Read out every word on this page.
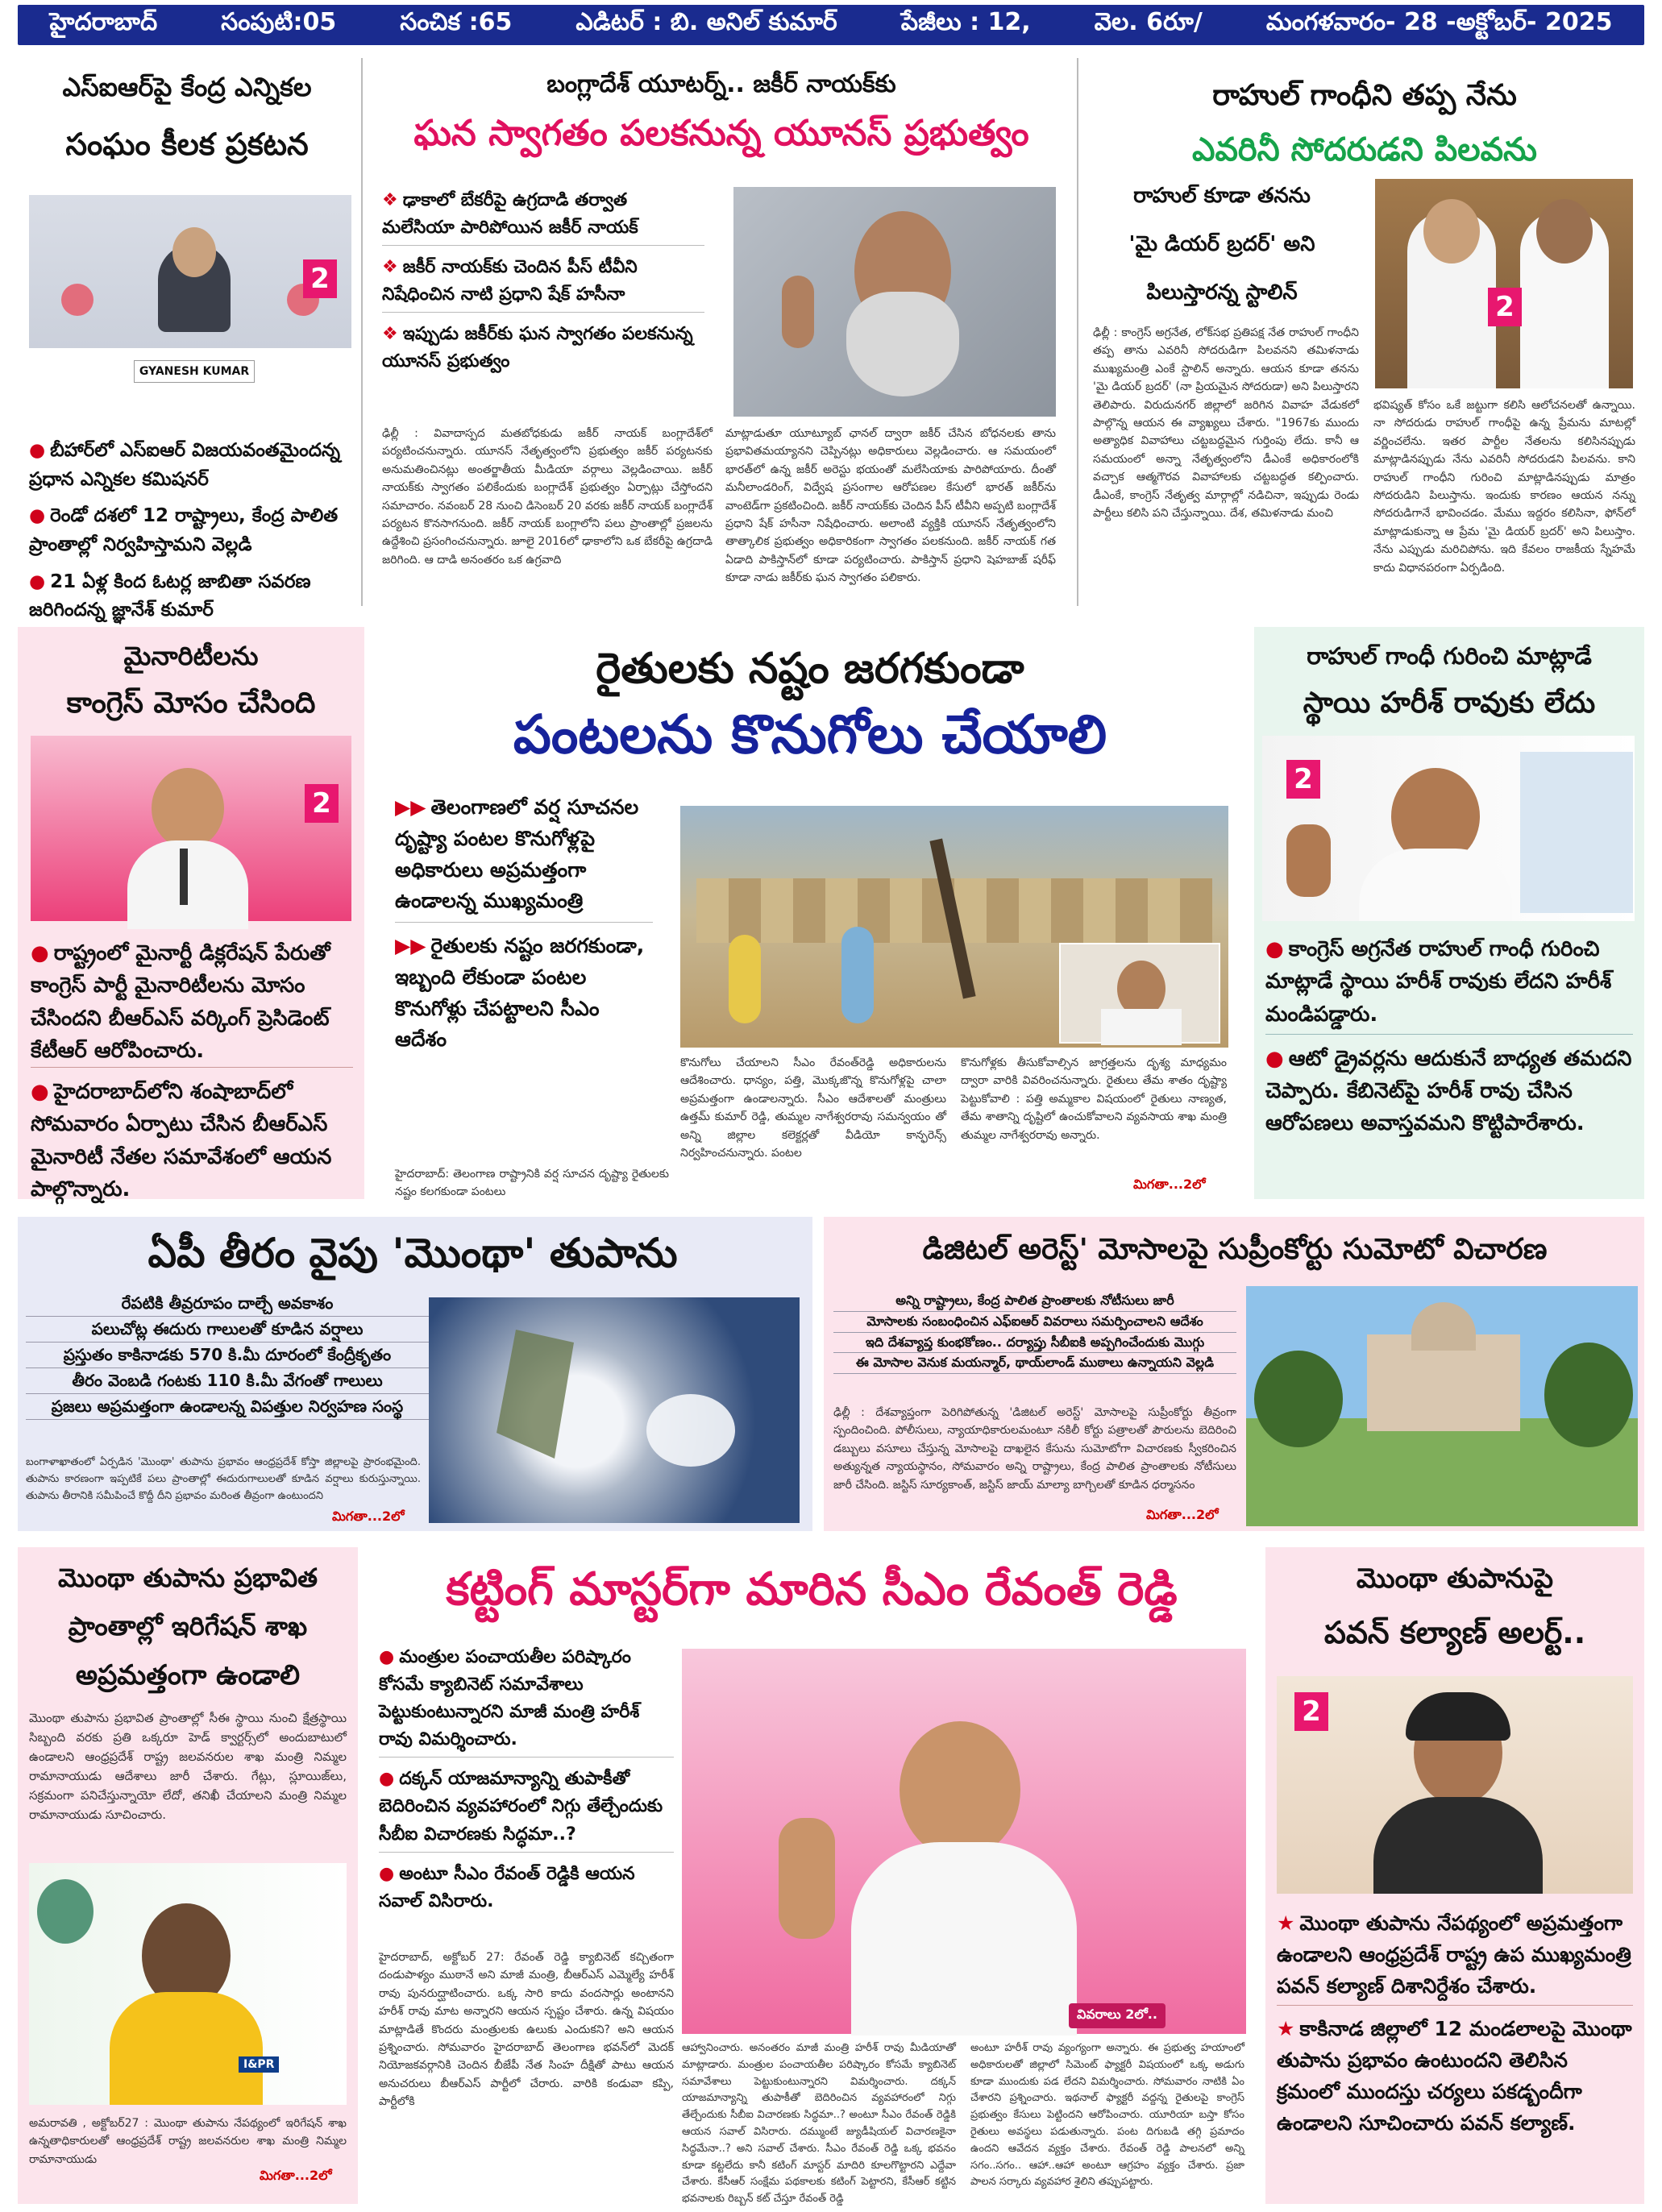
హైదరాబాద్	సంపుటి:05	సంచిక :65	ఎడిటర్ : బి. అనిల్ కుమార్	పేజీలు : 12,	వెల. 6రూ/	మంగళవారం- 28 -అక్టోబర్- 2025
ఎస్ఐఆర్‌పై కేంద్ర ఎన్నికల
సంఘం కీలక ప్రకటన
GYANESH KUMAR
2
● బీహార్‌లో ఎస్ఐఆర్ విజయవంతమైందన్న ప్రధాన ఎన్నికల కమిషనర్
● రెండో దశలో 12 రాష్ట్రాలు, కేంద్ర పాలిత ప్రాంతాల్లో నిర్వహిస్తామని వెల్లడి
● 21 ఏళ్ల కింద ఓటర్ల జాబితా సవరణ జరిగిందన్న జ్ఞానేశ్ కుమార్
బంగ్లాదేశ్ యూటర్న్.. జకీర్ నాయక్‌కు
ఘన స్వాగతం పలకనున్న యూనస్ ప్రభుత్వం
❖ ఢాకాలో బేకరీపై ఉగ్రదాడి తర్వాత మలేసియా పారిపోయిన జకీర్ నాయక్
❖ జకీర్ నాయక్‌కు చెందిన పీస్ టీవీని నిషేధించిన నాటి ప్రధాని షేక్ హసీనా
❖ ఇప్పుడు జకీర్‌కు ఘన స్వాగతం పలకనున్న యూనస్ ప్రభుత్వం
ఢిల్లీ : వివాదాస్పద మతబోధకుడు జకీర్ నాయక్ బంగ్లాదేశ్‌లో పర్యటించనున్నారు. యూనస్ నేతృత్వంలోని ప్రభుత్వం జకీర్ పర్యటనకు అనుమతించినట్లు అంతర్జాతీయ మీడియా వర్గాలు వెల్లడించాయి. జకీర్ నాయక్‌కు స్వాగతం పలికేందుకు బంగ్లాదేశ్ ప్రభుత్వం ఏర్పాట్లు చేస్తోందని సమాచారం. నవంబర్ 28 నుంచి డిసెంబర్ 20 వరకు జకీర్ నాయక్ బంగ్లాదేశ్ పర్యటన కొనసాగనుంది. జకీర్ నాయక్ బంగ్లాలోని పలు ప్రాంతాల్లో ప్రజలను ఉద్దేశించి ప్రసంగించనున్నారు. జూలై 2016లో ఢాకాలోని ఒక బేకరీపై ఉగ్రదాడి జరిగింది. ఆ దాడి అనంతరం ఒక ఉగ్రవాది
మాట్లాడుతూ యూట్యూబ్ ఛానల్ ద్వారా జకీర్ చేసిన బోధనలకు తాను ప్రభావితమయ్యానని చెప్పినట్లు అధికారులు వెల్లడించారు. ఆ సమయంలో భారత్‌లో ఉన్న జకీర్ అరెస్టు భయంతో మలేసియాకు పారిపోయారు. దీంతో మనీలాండరింగ్, విద్వేష ప్రసంగాల ఆరోపణల కేసులో భారత్ జకీర్‌ను వాంటెడ్‌గా ప్రకటించింది. జకీర్ నాయక్‌కు చెందిన పీస్ టీవీని అప్పటి బంగ్లాదేశ్ ప్రధాని షేక్ హసీనా నిషేధించారు. అలాంటి వ్యక్తికి యూనస్ నేతృత్వంలోని తాత్కాలిక ప్రభుత్వం అధికారికంగా స్వాగతం పలకనుంది. జకీర్ నాయక్ గత ఏడాది పాకిస్తాన్‌లో కూడా పర్యటించారు. పాకిస్తాన్ ప్రధాని షెహబాజ్ షరీఫ్ కూడా నాడు జకీర్‌కు ఘన స్వాగతం పలికారు.
రాహుల్ గాంధీని తప్ప నేను
ఎవరినీ సోదరుడని పిలవను
రాహుల్ కూడా తనను
'మై డియర్ బ్రదర్' అని
పిలుస్తారన్న స్టాలిన్	2
ఢిల్లీ : కాంగ్రెస్ అగ్రనేత, లోక్‌సభ ప్రతిపక్ష నేత రాహుల్ గాంధీని తప్ప తాను ఎవరినీ సోదరుడిగా పిలవనని తమిళనాడు ముఖ్యమంత్రి ఎంకే స్టాలిన్ అన్నారు. ఆయన కూడా తనను 'మై డియర్ బ్రదర్' (నా ప్రియమైన సోదరుడా) అని పిలుస్తారని తెలిపారు. విరుదునగర్ జిల్లాలో జరిగిన వివాహ వేడుకలో పాల్గొన్న ఆయన ఈ వ్యాఖ్యలు చేశారు. "1967కు ముందు అత్యాధిక వివాహాలు చట్టబద్ధమైన గుర్తింపు లేదు. కానీ ఆ సమయంలో అన్నా నేతృత్వంలోని డీఎంకే అధికారంలోకి వచ్చాక ఆత్మగౌరవ వివాహాలకు చట్టబద్ధత కల్పించారు. డీఎంకే, కాంగ్రెస్ నేతృత్వ మార్గాల్లో నడిచినా, ఇప్పుడు రెండు పార్టీలు కలిసి పని చేస్తున్నాయి. దేశ, తమిళనాడు మంచి
భవిష్యత్ కోసం ఒకే జట్టుగా కలిసి ఆలోచనలతో ఉన్నాయి. నా సోదరుడు రాహుల్ గాంధీపై ఉన్న ప్రేమను మాటల్లో వర్ణించలేను. ఇతర పార్టీల నేతలను కలిసినప్పుడు మాట్లాడినప్పుడు నేను ఎవరినీ సోదరుడని పిలవను. కాని రాహుల్ గాంధీని గురించి మాట్లాడినప్పుడు మాత్రం సోదరుడిని పిలుస్తాను. ఇందుకు కారణం ఆయన నన్ను సోదరుడిగానే భావించడం. మేము ఇద్దరం కలిసినా, ఫోన్‌లో మాట్లాడుకున్నా ఆ ప్రేమ 'మై డియర్ బ్రదర్' అని పిలుస్తాం. నేను ఎప్పుడు మరిచిపోను. ఇది కేవలం రాజకీయ స్నేహమే కాదు విధానపరంగా ఏర్పడింది.
మైనారిటీలను
కాంగ్రెస్ మోసం చేసింది
2
● రాష్ట్రంలో మైనార్టీ డిక్లరేషన్ పేరుతో కాంగ్రెస్ పార్టీ మైనారిటీలను మోసం చేసిందని బీఆర్ఎస్ వర్కింగ్ ప్రెసిడెంట్ కేటీఆర్ ఆరోపించారు.
● హైదరాబాద్‌లోని శంషాబాద్‌లో సోమవారం ఏర్పాటు చేసిన బీఆర్ఎస్ మైనారిటీ నేతల సమావేశంలో ఆయన పాల్గొన్నారు.
రైతులకు నష్టం జరగకుండా
పంటలను కొనుగోలు చేయాలి
▶▶ తెలంగాణలో వర్ష సూచనల దృష్ట్యా పంటల కొనుగోళ్లపై అధికారులు అప్రమత్తంగా ఉండాలన్న ముఖ్యమంత్రి
▶▶ రైతులకు నష్టం జరగకుండా, ఇబ్బంది లేకుండా పంటల కొనుగోళ్లు చేపట్టాలని సీఎం ఆదేశం
హైదరాబాద్: తెలంగాణ రాష్ట్రానికి వర్ష సూచన దృష్ట్యా రైతులకు నష్టం కలగకుండా పంటలు
కొనుగోలు చేయాలని సీఎం రేవంత్‌రెడ్డి అధికారులను ఆదేశించారు. ధాన్యం, పత్తి, మొక్కజొన్న కొనుగోళ్లపై చాలా అప్రమత్తంగా ఉండాలన్నారు. సీఎం ఆదేశాలతో మంత్రులు ఉత్తమ్ కుమార్ రెడ్డి, తుమ్మల నాగేశ్వరరావు సమన్వయం తో అన్ని జిల్లాల కలెక్టర్లతో వీడియో కాన్ఫరెన్స్ నిర్వహించనున్నారు. పంటల
కొనుగోళ్లకు తీసుకోవాల్సిన జాగ్రత్తలను దృశ్య మాధ్యమం ద్వారా వారికి వివరించనున్నారు. రైతులు తేమ శాతం దృష్ట్యా పెట్టుకోవాలి : పత్తి అమ్మకాల విషయంలో రైతులు నాణ్యత, తేమ శాతాన్ని దృష్టిలో ఉంచుకోవాలని వ్యవసాయ శాఖ మంత్రి తుమ్మల నాగేశ్వరరావు అన్నారు.
మిగతా...2లో
రాహుల్ గాంధీ గురించి మాట్లాడే
స్థాయి హరీశ్ రావుకు లేదు
2
● కాంగ్రెస్ అగ్రనేత రాహుల్ గాంధీ గురించి మాట్లాడే స్థాయి హరీశ్ రావుకు లేదని హరీశ్ మండిపడ్డారు.
● ఆటో డ్రైవర్లను ఆదుకునే బాధ్యత తమదని చెప్పారు. కేబినెట్‌పై హరీశ్ రావు చేసిన ఆరోపణలు అవాస్తవమని కొట్టిపారేశారు.
ఏపీ తీరం వైపు 'మొంథా' తుపాను

రేపటికి తీవ్రరూపం దాల్చే అవకాశం

పలుచోట్ల ఈదురు గాలులతో కూడిన వర్షాలు

ప్రస్తుతం కాకినాడకు 570 కి.మీ దూరంలో కేంద్రీకృతం

తీరం వెంబడి గంటకు 110 కి.మీ వేగంతో గాలులు

ప్రజలు అప్రమత్తంగా ఉండాలన్న విపత్తుల నిర్వహణ సంస్థ

బంగాళాఖాతంలో ఏర్పడిన 'మొంథా' తుపాను ప్రభావం ఆంధ్రప్రదేశ్ కోస్తా జిల్లాలపై ప్రారంభమైంది. తుపాను కారణంగా ఇప్పటికే పలు ప్రాంతాల్లో ఈదురుగాలులతో కూడిన వర్షాలు కురుస్తున్నాయి. తుపాను తీరానికి సమీపించే కొద్దీ దీని ప్రభావం మరింత తీవ్రంగా ఉంటుందని
మిగతా...2లో
డిజిటల్ అరెస్ట్' మోసాలపై సుప్రీంకోర్టు సుమోటో విచారణ

అన్ని రాష్ట్రాలు, కేంద్ర పాలిత ప్రాంతాలకు నోటీసులు జారీ

మోసాలకు సంబంధించిన ఎఫ్ఐఆర్ వివరాలు సమర్పించాలని ఆదేశం

ఇది దేశవ్యాప్త కుంభకోణం.. దర్యాప్తు సీబీఐకి అప్పగించేందుకు మొగ్గు

ఈ మోసాల వెనుక మయన్మార్, థాయ్‌లాండ్ ముఠాలు ఉన్నాయని వెల్లడి

ఢిల్లీ : దేశవ్యాప్తంగా పెరిగిపోతున్న 'డిజిటల్ అరెస్ట్' మోసాలపై సుప్రీంకోర్టు తీవ్రంగా స్పందించింది. పోలీసులు, న్యాయాధికారులమంటూ నకిలీ కోర్టు పత్రాలతో పౌరులను బెదిరించి డబ్బులు వసూలు చేస్తున్న మోసాలపై దాఖలైన కేసును సుమోటోగా విచారణకు స్వీకరించిన అత్యున్నత న్యాయస్థానం, సోమవారం అన్ని రాష్ట్రాలు, కేంద్ర పాలిత ప్రాంతాలకు నోటీసులు జారీ చేసింది. జస్టిస్ సూర్యకాంత్, జస్టిస్ జాయ్ మాల్యా బాగ్చిలతో కూడిన ధర్మాసనం
మిగతా...2లో
మొంథా తుపాను ప్రభావిత
ప్రాంతాల్లో ఇరిగేషన్ శాఖ
అప్రమత్తంగా ఉండాలి
మొంథా తుపాను ప్రభావిత ప్రాంతాల్లో సీఈ స్థాయి నుంచి క్షేత్రస్థాయి సిబ్బంది వరకు ప్రతి ఒక్కరూ హెడ్ క్వార్టర్స్‌లో అందుబాటులో ఉండాలని ఆంధ్రప్రదేశ్ రాష్ట్ర జలవనరుల శాఖ మంత్రి నిమ్మల రామానాయుడు ఆదేశాలు జారీ చేశారు. గేట్లు, స్లూయిజ్‌లు, సక్రమంగా పనిచేస్తున్నాయో లేదో, తనిఖీ చేయాలని మంత్రి నిమ్మల రామానాయుడు సూచించారు.
I&PR
అమరావతి , అక్టోబర్27 : మొంథా తుపాను నేపథ్యంలో ఇరిగేషన్ శాఖ ఉన్నతాధికారులతో ఆంధ్రప్రదేశ్ రాష్ట్ర జలవనరుల శాఖ మంత్రి నిమ్మల రామానాయుడు
మిగతా...2లో
కట్టింగ్ మాస్టర్‌గా మారిన సీఎం రేవంత్ రెడ్డి
● మంత్రుల పంచాయతీల పరిష్కారం కోసమే క్యాబినెట్ సమావేశాలు పెట్టుకుంటున్నారని మాజీ మంత్రి హరీశ్ రావు విమర్శించారు.
● దక్కన్ యాజమాన్యాన్ని తుపాకీతో బెదిరించిన వ్యవహారంలో నిగ్గు తేల్చేందుకు సీబీఐ విచారణకు సిద్ధమా..?
● అంటూ సీఎం రేవంత్ రెడ్డికి ఆయన సవాల్ విసిరారు.
వివరాలు 2లో..
హైదరాబాద్, అక్టోబర్ 27: రేవంత్ రెడ్డి క్యాబినెట్ కచ్చితంగా దండుపాళ్యం ముఠానే అని మాజీ మంత్రి, బీఆర్ఎస్ ఎమ్మెల్యే హరీశ్ రావు పునరుద్ఘాటించారు. ఒక్క సారి కాదు వందసార్లు అంటానని హరీశ్ రావు మాట అన్నారని ఆయన స్పష్టం చేశారు. ఉన్న విషయం మాట్లాడితే కొందరు మంత్రులకు ఉలుకు ఎందుకని? అని ఆయన ప్రశ్నించారు. సోమవారం హైదరాబాద్ తెలంగాణ భవన్‌లో మెదక్ నియోజకవర్గానికి చెందిన బీజేపీ నేత సింహ దీక్షితో పాటు ఆయన అనుచరులు బీఆర్ఎస్ పార్టీలో చేరారు. వారికి కండువా కప్పి, పార్టీలోకి
ఆహ్వానించారు. అనంతరం మాజీ మంత్రి హరీశ్ రావు మీడియాతో మాట్లాడారు. మంత్రుల పంచాయతీల పరిష్కారం కోసమే క్యాబినెట్ సమావేశాలు పెట్టుకుంటున్నారని విమర్శించారు. దక్కన్ యాజమాన్యాన్ని తుపాకీతో బెదిరించిన వ్యవహారంలో నిగ్గు తేల్చేందుకు సీబీఐ విచారణకు సిద్ధమా..? అంటూ సీఎం రేవంత్ రెడ్డికి ఆయన సవాల్ విసిరారు. దమ్ముంటే జ్యుడీషియల్ విచారణకైనా సిద్ధమేనా..? అని సవాల్ చేశారు. సీఎం రేవంత్ రెడ్డి ఒక్క భవనం కూడా కట్టలేదు కానీ కటింగ్ మాస్టర్ మాదిరి కూలగొట్టారని ఎద్దేవా చేశారు. కేసీఆర్ సంక్షేమ పథకాలకు కటింగ్ పెట్టారని, కేసీఆర్ కట్టిన భవనాలకు రిబ్బన్ కట్ చేస్తూ రేవంత్ రెడ్డి
అంటూ హరీశ్ రావు వ్యంగ్యంగా అన్నారు. ఈ ప్రభుత్వ హయాంలో అధికారులతో జిల్లాలో సిమెంట్ ఫ్యాక్టరీ విషయంలో ఒక్క అడుగు కూడా ముందుకు పడ లేదని విమర్శించారు. సోమవారం నాటికి ఏం చేశారని ప్రశ్నించారు. ఇథనాల్ ఫ్యాక్టరీ వద్దన్న రైతులపై కాంగ్రెస్ ప్రభుత్వం కేసులు పెట్టిందని ఆరోపించారు. యూరియా బస్తా కోసం రైతులు అవస్థలు పడుతున్నారు. పంట దిగుబడి తగ్గి ప్రమాదం ఉందని ఆవేదన వ్యక్తం చేశారు. రేవంత్ రెడ్డి పాలనలో అన్ని సగం..సగం.. ఆహా..ఆహా అంటూ ఆగ్రహం వ్యక్తం చేశారు. ప్రజా పాలన సర్కారు వ్యవహార శైలిని తప్పుపట్టారు.
మొంథా తుపానుపై
పవన్ కల్యాణ్ అలర్ట్..
2
★ మొంథా తుపాను నేపథ్యంలో అప్రమత్తంగా ఉండాలని ఆంధ్రప్రదేశ్ రాష్ట్ర ఉప ముఖ్యమంత్రి పవన్ కల్యాణ్ దిశానిర్దేశం చేశారు.
★ కాకినాడ జిల్లాలో 12 మండలాలపై మొంథా తుపాను ప్రభావం ఉంటుందని తెలిసిన క్రమంలో ముందస్తు చర్యలు పకడ్బందీగా ఉండాలని సూచించారు పవన్ కల్యాణ్.
